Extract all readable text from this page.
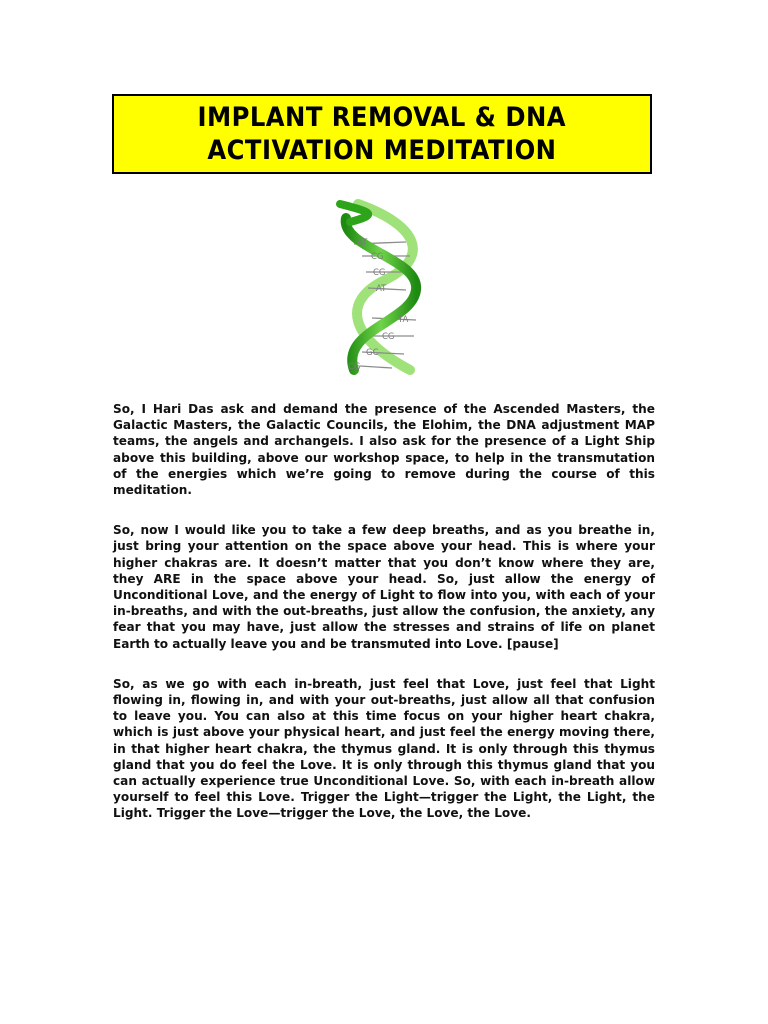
IMPLANT REMOVAL & DNA
ACTIVATION MEDITATION
AT
CG
CG
AT
TA
CG
GC
CG

So, I Hari Das ask and demand the presence of the Ascended Masters, the Galactic Masters, the Galactic Councils, the Elohim, the DNA adjustment MAP teams, the angels and archangels. I also ask for the presence of a Light Ship above this building, above our workshop space, to help in the transmutation of the energies which we’re going to remove during the course of this meditation.

So, now I would like you to take a few deep breaths, and as you breathe in, just bring your attention on the space above your head. This is where your higher chakras are. It doesn’t matter that you don’t know where they are, they ARE in the space above your head. So, just allow the energy of Unconditional Love, and the energy of Light to flow into you, with each of your in-breaths, and with the out-breaths, just allow the confusion, the anxiety, any fear that you may have, just allow the stresses and strains of life on planet Earth to actually leave you and be transmuted into Love. [pause]

So, as we go with each in-breath, just feel that Love, just feel that Light flowing in, flowing in, and with your out-breaths, just allow all that confusion to leave you. You can also at this time focus on your higher heart chakra, which is just above your physical heart, and just feel the energy moving there, in that higher heart chakra, the thymus gland. It is only through this thymus gland that you do feel the Love. It is only through this thymus gland that you can actually experience true Unconditional Love. So, with each in-breath allow yourself to feel this Love. Trigger the Light—trigger the Light, the Light, the Light. Trigger the Love—trigger the Love, the Love, the Love.
